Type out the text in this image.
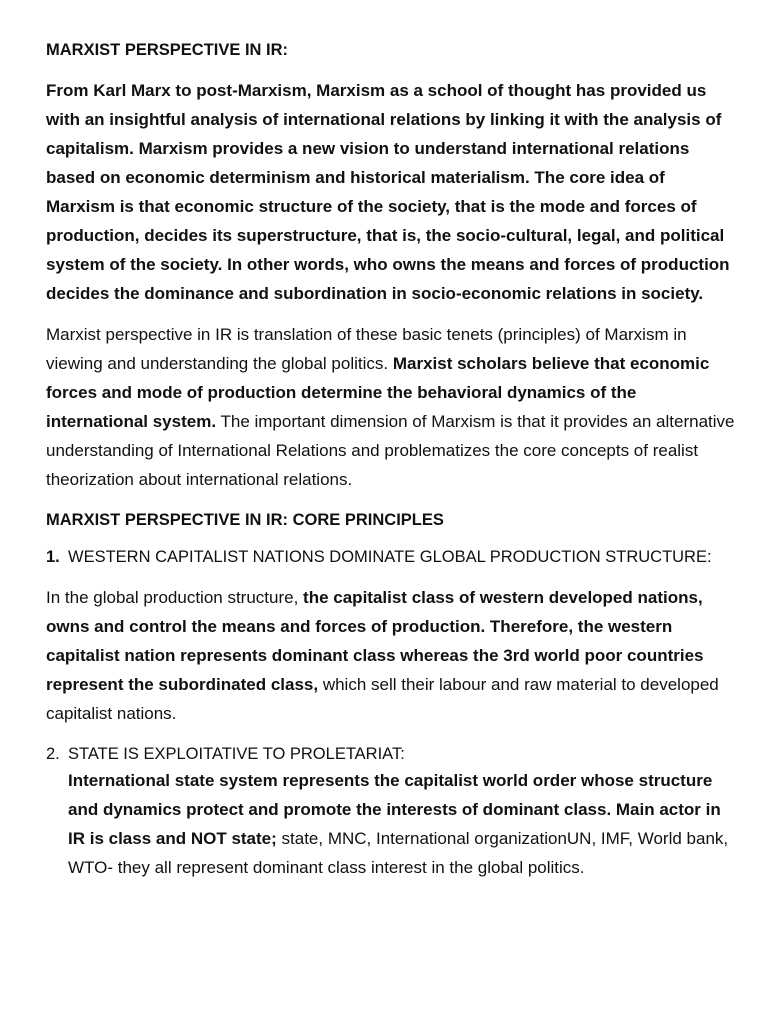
MARXIST PERSPECTIVE IN IR:

From Karl Marx to post-Marxism, Marxism as a school of thought has provided us with an insightful analysis of international relations by linking it with the analysis of capitalism. Marxism provides a new vision to understand international relations based on economic determinism and historical materialism. The core idea of Marxism is that economic structure of the society, that is the mode and forces of production, decides its superstructure, that is, the socio-cultural, legal, and political system of the society. In other words, who owns the means and forces of production decides the dominance and subordination in socio-economic relations in society.

Marxist perspective in IR is translation of these basic tenets (principles) of Marxism in viewing and understanding the global politics. Marxist scholars believe that economic forces and mode of production determine the behavioral dynamics of the international system. The important dimension of Marxism is that it provides an alternative understanding of International Relations and problematizes the core concepts of realist theorization about international relations.

MARXIST PERSPECTIVE IN IR: CORE PRINCIPLES

1. WESTERN CAPITALIST NATIONS DOMINATE GLOBAL PRODUCTION STRUCTURE:

In the global production structure, the capitalist class of western developed nations, owns and control the means and forces of production. Therefore, the western capitalist nation represents dominant class whereas the 3rd world poor countries represent the subordinated class, which sell their labour and raw material to developed capitalist nations.

2. STATE IS EXPLOITATIVE TO PROLETARIAT:

International state system represents the capitalist world order whose structure and dynamics protect and promote the interests of dominant class. Main actor in IR is class and NOT state; state, MNC, International organizationUN, IMF, World bank, WTO- they all represent dominant class interest in the global politics.
